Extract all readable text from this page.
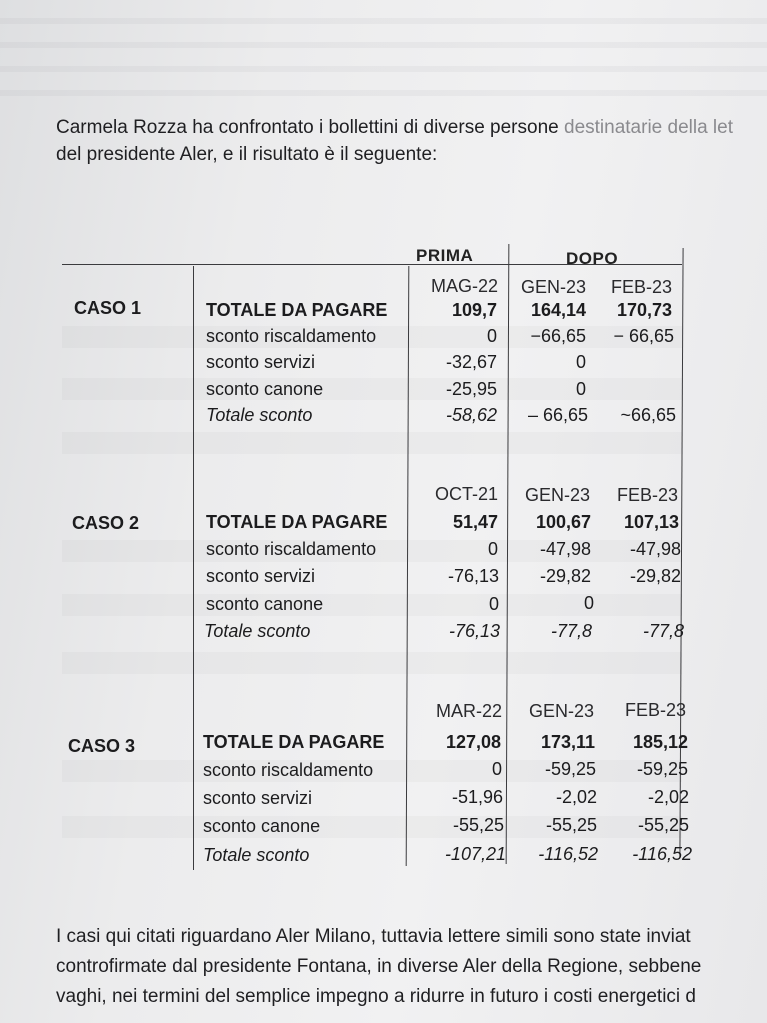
Carmela Rozza ha confrontato i bollettini di diverse persone destinatarie della let
del presidente Aler, e il risultato è il seguente:
PRIMA	DOPO
MAG-22	GEN-23	FEB-23
CASO 1	TOTALE DA PAGARE	109,7	164,14	170,73
sconto riscaldamento	0	−66,65	− 66,65
sconto servizi	-32,67	0
sconto canone	-25,95	0
Totale sconto	-58,62	– 66,65	~66,65
OCT-21	GEN-23	FEB-23
CASO 2	TOTALE DA PAGARE	51,47	100,67	107,13
sconto riscaldamento	0	-47,98	-47,98
sconto servizi	-76,13	-29,82	-29,82
sconto canone	0	0
Totale sconto	-76,13	-77,8	-77,8
MAR-22	GEN-23	FEB-23
CASO 3	TOTALE DA PAGARE	127,08	173,11	185,12
sconto riscaldamento	0	-59,25	-59,25
sconto servizi	-51,96	-2,02	-2,02
sconto canone	-55,25	-55,25	-55,25
Totale sconto	-107,21	-116,52	-116,52
I casi qui citati riguardano Aler Milano, tuttavia lettere simili sono state inviat
controfirmate dal presidente Fontana, in diverse Aler della Regione, sebbene
vaghi, nei termini del semplice impegno a ridurre in futuro i costi energetici d
